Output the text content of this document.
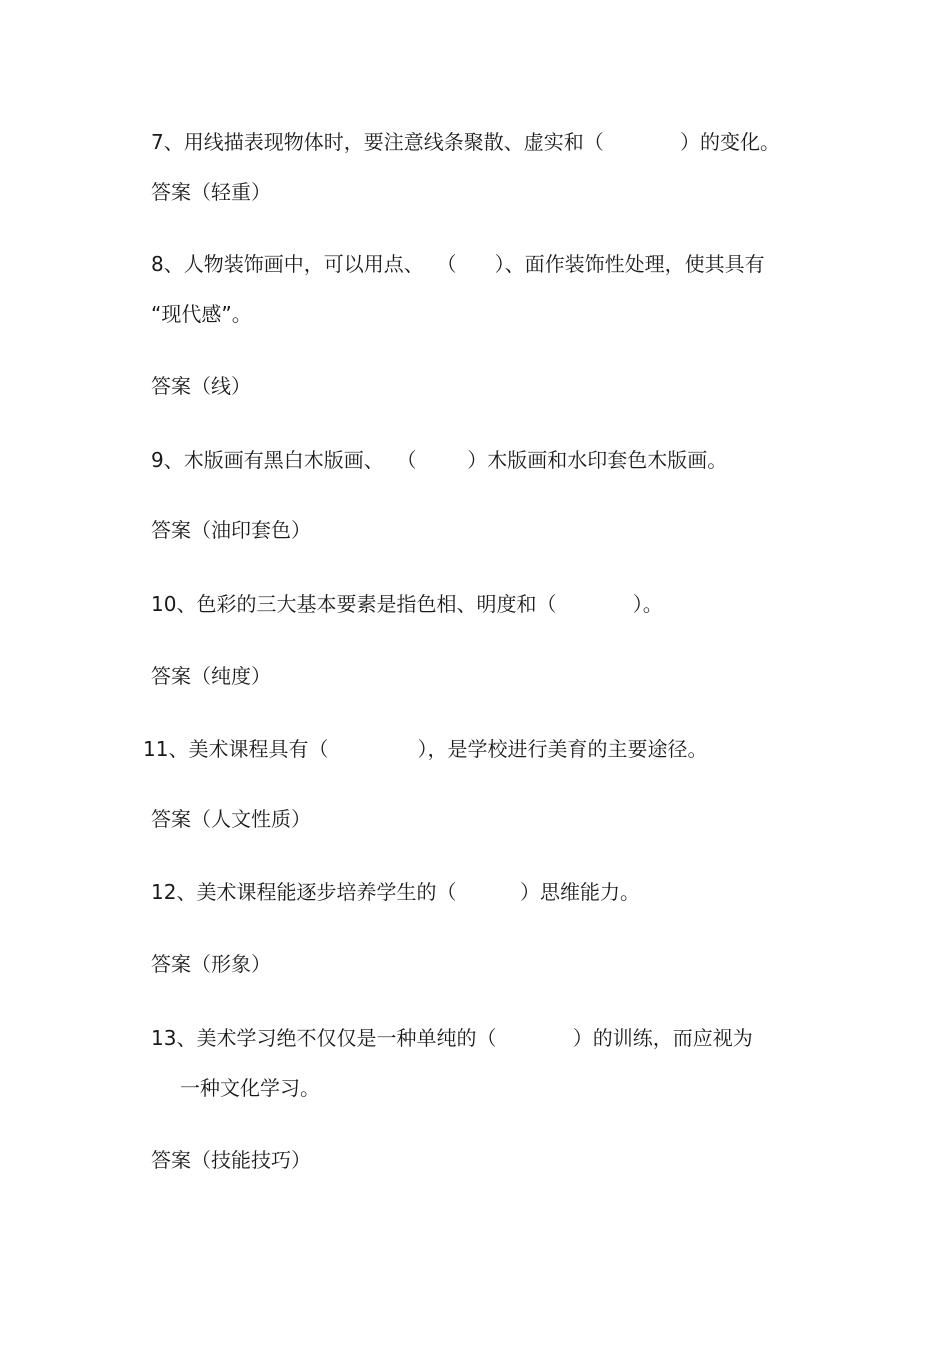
7、用线描表现物体时，要注意线条聚散、虚实和（            ）的变化。
答案（轻重）
8、人物装饰画中，可以用点、  （      ）、面作装饰性处理，使其具有
“现代感”。
答案（线）
9、木版画有黑白木版画、  （        ）木版画和水印套色木版画。
答案（油印套色）
10、色彩的三大基本要素是指色相、明度和（            ）。
答案（纯度）
11、美术课程具有（              ），是学校进行美育的主要途径。
答案（人文性质）
12、美术课程能逐步培养学生的（          ）思维能力。
答案（形象）
13、美术学习绝不仅仅是一种单纯的（            ）的训练，而应视为
一种文化学习。
答案（技能技巧）
